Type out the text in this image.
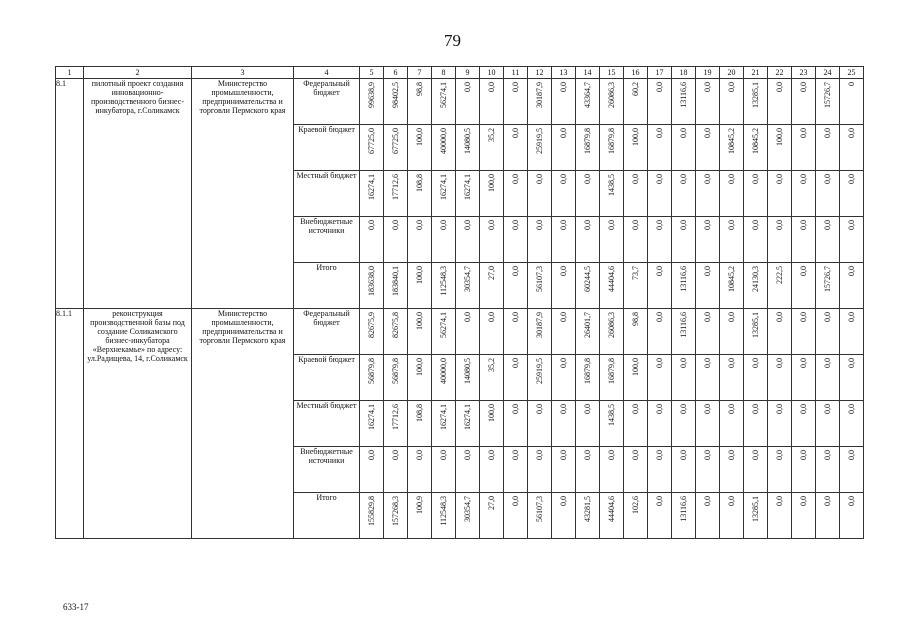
79
1	2	3	4	5	6	7	8	9	10	11	12	13	14	15	16	17	18	19	20	21	22	23	24	25
8.1	пилотный проект создания инновационно-производственного бизнес-инкубатора, г.Соликамск	Министерство промышленности, предпринимательства и торговли Пермского края	Федеральный бюджет	99638,9	98402,5	98,8	56274,1	0,0	0,0	0,0	30187,9	0,0	43364,7	26086,3	60,2	0,0	13116,6	0,0	0,0	13285,1	0,0	0,0	15726,7	0
			Краевой бюджет	67725,0	67725,0	100,0	40000,0	14080,5	35,2	0,0	25919,5	0,0	16879,8	16879,8	100,0	0,0	0,0	0,0	10845,2	10845,2	100,0	0,0	0,0	0,0
			Местный бюджет	16274,1	17712,6	108,8	16274,1	16274,1	100,0	0,0	0,0	0,0	0,0	1438,5	0,0	0,0	0,0	0,0	0,0	0,0	0,0	0,0	0,0	0,0
			Внебюджетные источники	0,0	0,0	0,0	0,0	0,0	0,0	0,0	0,0	0,0	0,0	0,0	0,0	0,0	0,0	0,0	0,0	0,0	0,0	0,0	0,0	0,0
			Итого	183638,0	183840,1	100,0	112548,3	30354,7	27,0	0,0	56107,3	0,0	60244,5	44404,6	73,7	0,0	13116,6	0,0	10845,2	24130,3	222,5	0,0	15726,7	0,0
8.1.1	реконструкция производственной базы под создание Соликамского бизнес-инкубатора «Верхнекамье» по адресу: ул.Радищева, 14, г.Соликамск	Министерство промышленности, предпринимательства и торговли Пермского края	Федеральный бюджет	82675,9	82675,8	100,0	56274,1	0,0	0,0	0,0	30187,9	0,0	26401,7	26086,3	98,8	0,0	13116,6	0,0	0,0	13285,1	0,0	0,0	0,0	0,0
			Краевой бюджет	56879,8	56879,8	100,0	40000,0	14080,5	35,2	0,0	25919,5	0,0	16879,8	16879,8	100,0	0,0	0,0	0,0	0,0	0,0	0,0	0,0	0,0	0,0
			Местный бюджет	16274,1	17712,6	108,8	16274,1	16274,1	100,0	0,0	0,0	0,0	0,0	1438,5	0,0	0,0	0,0	0,0	0,0	0,0	0,0	0,0	0,0	0,0
			Внебюджетные источники	0,0	0,0	0,0	0,0	0,0	0,0	0,0	0,0	0,0	0,0	0,0	0,0	0,0	0,0	0,0	0,0	0,0	0,0	0,0	0,0	0,0
			Итого	155829,8	157268,3	100,9	112548,3	30354,7	27,0	0,0	56107,3	0,0	43281,5	44404,6	102,6	0,0	13116,6	0,0	0,0	13285,1	0,0	0,0	0,0	0,0
633-17
